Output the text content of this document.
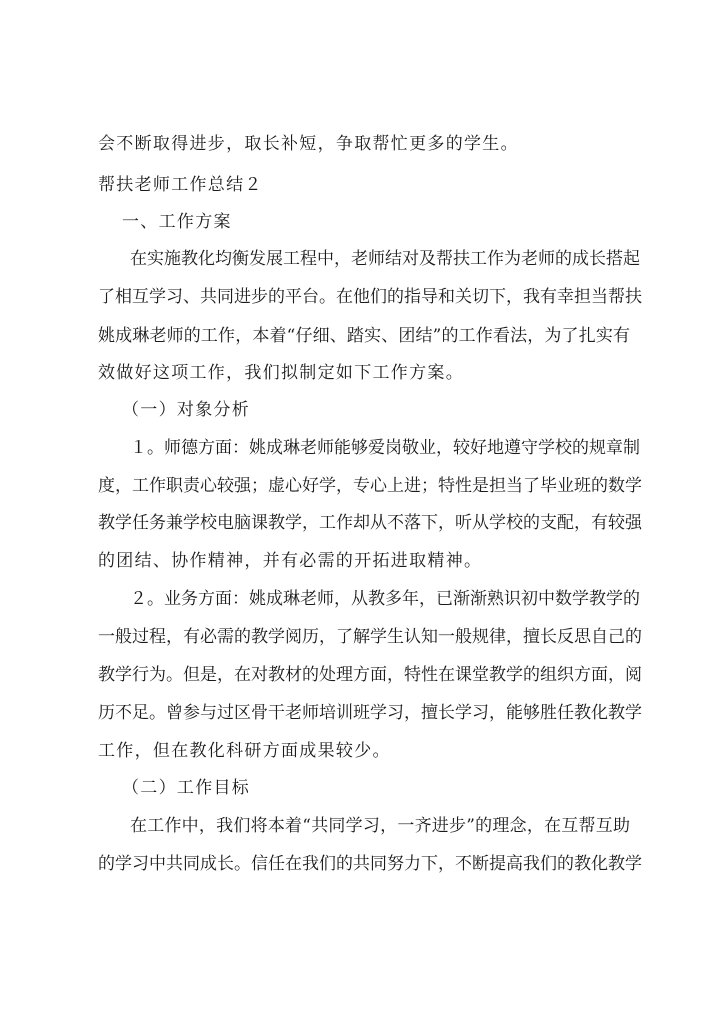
会不断取得进步，取长补短，争取帮忙更多的学生。
帮扶老师工作总结２
一、工作方案
在实施教化均衡发展工程中，老师结对及帮扶工作为老师的成长搭起
了相互学习、共同进步的平台。在他们的指导和关切下，我有幸担当帮扶
姚成琳老师的工作，本着“仔细、踏实、团结”的工作看法，为了扎实有
效做好这项工作，我们拟制定如下工作方案。
（一）对象分析
１。师德方面：姚成琳老师能够爱岗敬业，较好地遵守学校的规章制
度，工作职责心较强；虚心好学，专心上进；特性是担当了毕业班的数学
教学任务兼学校电脑课教学，工作却从不落下，听从学校的支配，有较强
的团结、协作精神，并有必需的开拓进取精神。
２。业务方面：姚成琳老师，从教多年，已渐渐熟识初中数学教学的
一般过程，有必需的教学阅历，了解学生认知一般规律，擅长反思自己的
教学行为。但是，在对教材的处理方面，特性在课堂教学的组织方面，阅
历不足。曾参与过区骨干老师培训班学习，擅长学习，能够胜任教化教学
工作，但在教化科研方面成果较少。
（二）工作目标
在工作中，我们将本着“共同学习，一齐进步”的理念，在互帮互助
的学习中共同成长。信任在我们的共同努力下，不断提高我们的教化教学
